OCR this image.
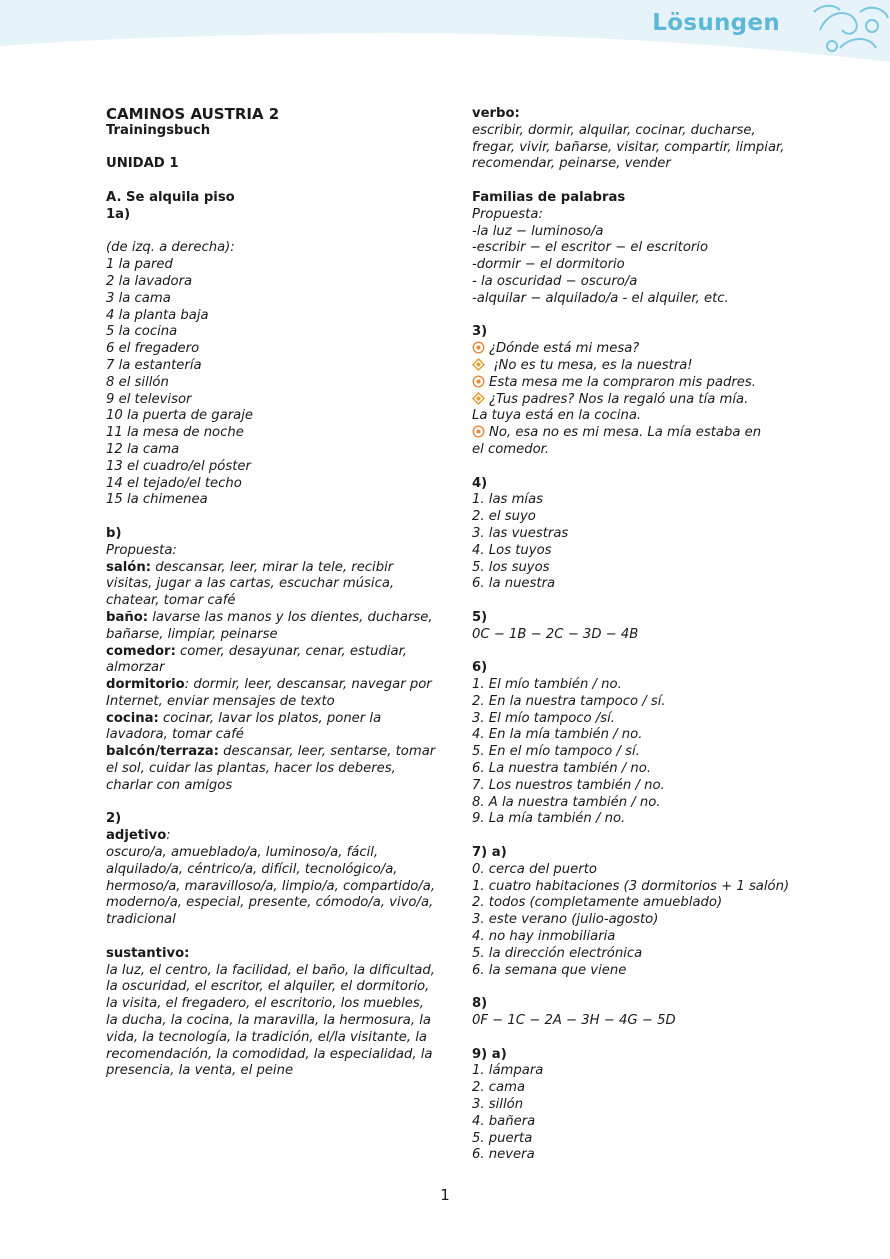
Lösungen
CAMINOS AUSTRIA 2
Trainingsbuch
UNIDAD 1
A. Se alquila piso
1a)
(de izq. a derecha):
1 la pared
2 la lavadora
3 la cama
4 la planta baja
5 la cocina
6 el fregadero
7 la estantería
8 el sillón
9 el televisor
10 la puerta de garaje
11 la mesa de noche
12 la cama
13 el cuadro/el póster
14 el tejado/el techo
15 la chimenea
b)
Propuesta:
salón: descansar, leer, mirar la tele, recibir visitas, jugar a las cartas, escuchar música, chatear, tomar café
baño: lavarse las manos y los dientes, ducharse, bañarse, limpiar, peinarse
comedor: comer, desayunar, cenar, estudiar, almorzar
dormitorio: dormir, leer, descansar, navegar por Internet, enviar mensajes de texto
cocina: cocinar, lavar los platos, poner la lavadora, tomar café
balcón/terraza: descansar, leer, sentarse, tomar el sol, cuidar las plantas, hacer los deberes, charlar con amigos
2)
adjetivo:
oscuro/a, amueblado/a, luminoso/a, fácil, alquilado/a, céntrico/a, difícil, tecnológico/a, hermoso/a, maravilloso/a, limpio/a, compartido/a, moderno/a, especial, presente, cómodo/a, vivo/a, tradicional
sustantivo:
la luz, el centro, la facilidad, el baño, la dificultad, la oscuridad, el escritor, el alquiler, el dormitorio, la visita, el fregadero, el escritorio, los muebles, la ducha, la cocina, la maravilla, la hermosura, la vida, la tecnología, la tradición, el/la visitante, la recomendación, la comodidad, la especialidad, la presencia, la venta, el peine
verbo:
escribir, dormir, alquilar, cocinar, ducharse, fregar, vivir, bañarse, visitar, compartir, limpiar, recomendar, peinarse, vender
Familias de palabras
Propuesta:
-la luz − luminoso/a
-escribir − el escritor − el escritorio
-dormir − el dormitorio
- la oscuridad − oscuro/a
-alquilar − alquilado/a - el alquiler, etc.
3)
¿Dónde está mi mesa?
¡No es tu mesa, es la nuestra!
Esta mesa me la compraron mis padres.
¿Tus padres? Nos la regaló una tía mía.
La tuya está en la cocina.
No, esa no es mi mesa. La mía estaba en
el comedor.
4)
1. las mías
2. el suyo
3. las vuestras
4. Los tuyos
5. los suyos
6. la nuestra
5)
0C − 1B − 2C − 3D − 4B
6)
1. El mío también / no.
2. En la nuestra tampoco / sí.
3. El mío tampoco /sí.
4. En la mía también / no.
5. En el mío tampoco / sí.
6. La nuestra también / no.
7. Los nuestros también / no.
8. A la nuestra también / no.
9. La mía también / no.
7) a)
0. cerca del puerto
1. cuatro habitaciones (3 dormitorios + 1 salón)
2. todos (completamente amueblado)
3. este verano (julio-agosto)
4. no hay inmobiliaria
5. la dirección electrónica
6. la semana que viene
8)
0F − 1C − 2A − 3H − 4G − 5D
9) a)
1. lámpara
2. cama
3. sillón
4. bañera
5. puerta
6. nevera
1
